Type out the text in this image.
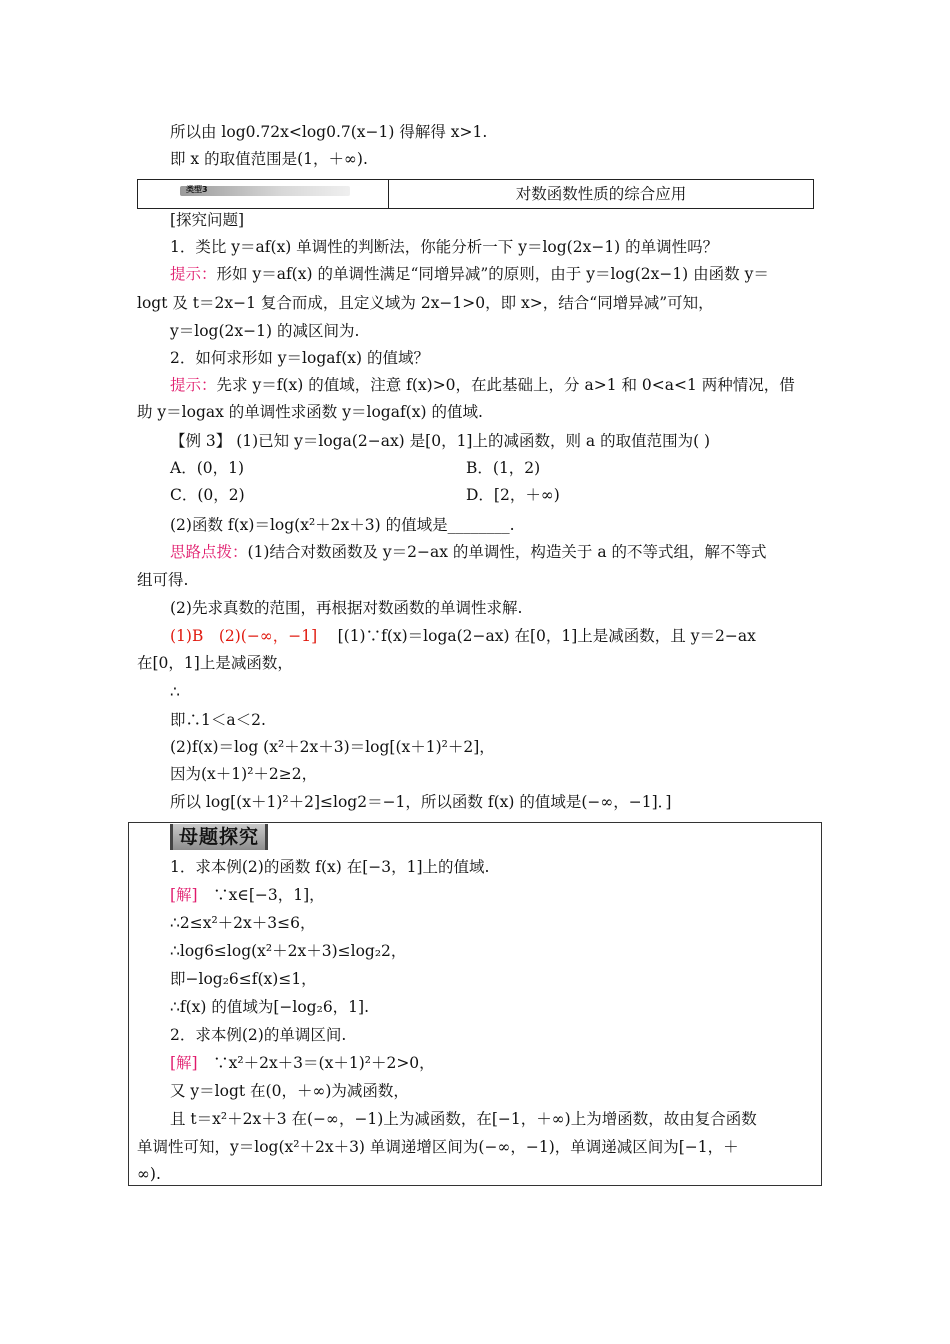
所以由 log0.72x<log0.7(x−1) 得解得 x>1.
即 x 的取值范围是(1，＋∞).
类型3	对数函数性质的综合应用
[探究问题]
1．类比 y＝af(x) 单调性的判断法，你能分析一下 y＝log(2x−1) 的单调性吗？
提示：形如 y＝af(x) 的单调性满足“同增异减”的原则，由于 y＝log(2x−1) 由函数 y＝
logt 及 t＝2x−1 复合而成，且定义域为 2x−1>0，即 x>，结合“同增异减”可知，
y＝log(2x−1) 的减区间为.
2．如何求形如 y＝logaf(x) 的值域？
提示：先求 y＝f(x) 的值域，注意 f(x)>0，在此基础上，分 a>1 和 0<a<1 两种情况，借
助 y＝logax 的单调性求函数 y＝logaf(x) 的值域.
【例 3】 (1)已知 y＝loga(2−ax) 是[0，1]上的减函数，则 a 的取值范围为( )
A．(0，1)	B．(1，2)
C．(0，2)	D．[2，＋∞)
(2)函数 f(x)＝log(x²＋2x＋3) 的值域是________.
思路点拨：(1)结合对数函数及 y＝2−ax 的单调性，构造关于 a 的不等式组，解不等式
组可得.
(2)先求真数的范围，再根据对数函数的单调性求解.
(1)B　(2)(−∞，−1]　 [(1)∵f(x)＝loga(2−ax) 在[0，1]上是减函数，且 y＝2−ax
在[0，1]上是减函数，
∴
即∴1＜a＜2.
(2)f(x)＝log (x²＋2x＋3)＝log[(x＋1)²＋2]，
因为(x＋1)²＋2≥2，
所以 log[(x＋1)²＋2]≤log2＝−1，所以函数 f(x) 的值域是(−∞，−1]．]
母题探究
1．求本例(2)的函数 f(x) 在[−3，1]上的值域.
[解]　 ∵x∈[−3，1]，
∴2≤x²＋2x＋3≤6，
∴log6≤log(x²＋2x＋3)≤log₂2，
即−log₂6≤f(x)≤1，
∴f(x) 的值域为[−log₂6，1].
2．求本例(2)的单调区间.
[解]　 ∵x²＋2x＋3＝(x＋1)²＋2>0，
又 y＝logt 在(0，＋∞)为减函数，
且 t＝x²＋2x＋3 在(−∞，−1)上为减函数，在[−1，＋∞)上为增函数，故由复合函数
单调性可知，y＝log(x²＋2x＋3) 单调递增区间为(−∞，−1)，单调递减区间为[−1，＋
∞).
